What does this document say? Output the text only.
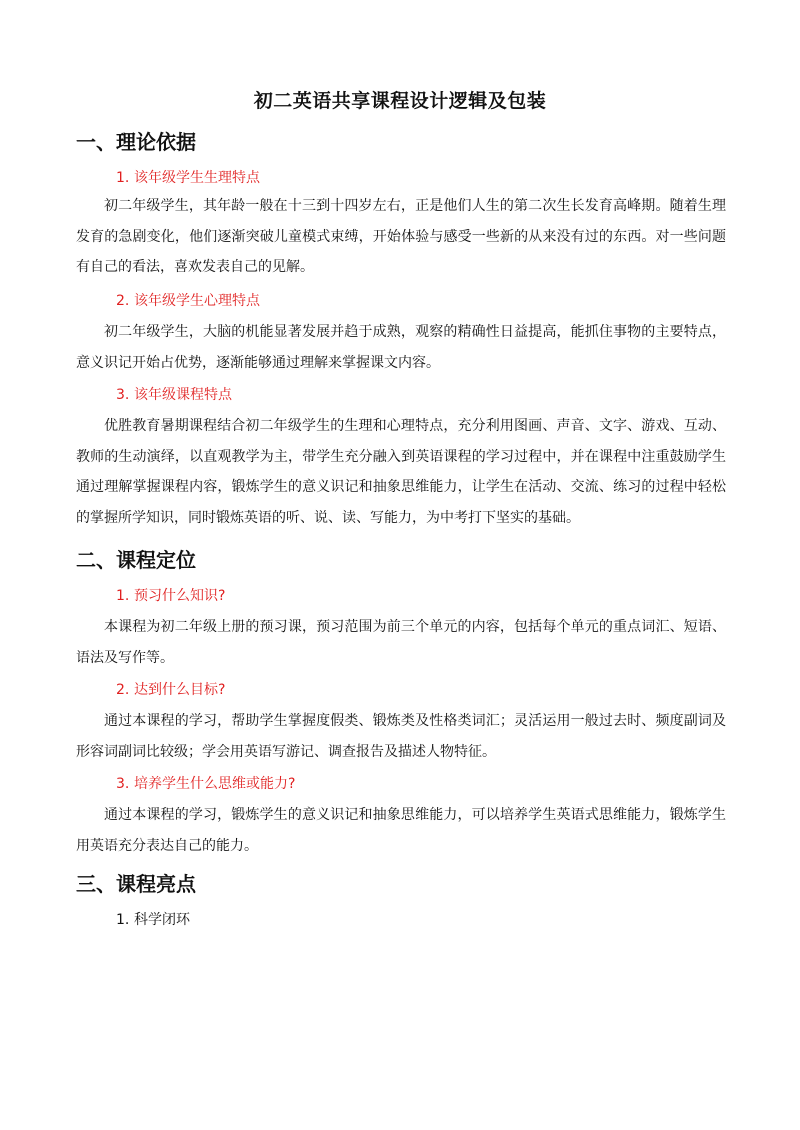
初二英语共享课程设计逻辑及包装
一、理论依据
1. 该年级学生生理特点

初二年级学生，其年龄一般在十三到十四岁左右，正是他们人生的第二次生长发育高峰期。随着生理发育的急剧变化，他们逐渐突破儿童模式束缚，开始体验与感受一些新的从来没有过的东西。对一些问题有自己的看法，喜欢发表自己的见解。

2. 该年级学生心理特点

初二年级学生，大脑的机能显著发展并趋于成熟，观察的精确性日益提高，能抓住事物的主要特点，意义识记开始占优势，逐渐能够通过理解来掌握课文内容。

3. 该年级课程特点

优胜教育暑期课程结合初二年级学生的生理和心理特点，充分利用图画、声音、文字、游戏、互动、教师的生动演绎，以直观教学为主，带学生充分融入到英语课程的学习过程中，并在课程中注重鼓励学生通过理解掌握课程内容，锻炼学生的意义识记和抽象思维能力，让学生在活动、交流、练习的过程中轻松的掌握所学知识，同时锻炼英语的听、说、读、写能力，为中考打下坚实的基础。

二、课程定位
1. 预习什么知识?

本课程为初二年级上册的预习课，预习范围为前三个单元的内容，包括每个单元的重点词汇、短语、语法及写作等。

2. 达到什么目标?

通过本课程的学习，帮助学生掌握度假类、锻炼类及性格类词汇；灵活运用一般过去时、频度副词及形容词副词比较级；学会用英语写游记、调查报告及描述人物特征。

3. 培养学生什么思维或能力?

通过本课程的学习，锻炼学生的意义识记和抽象思维能力，可以培养学生英语式思维能力，锻炼学生用英语充分表达自己的能力。

三、课程亮点
1. 科学闭环
